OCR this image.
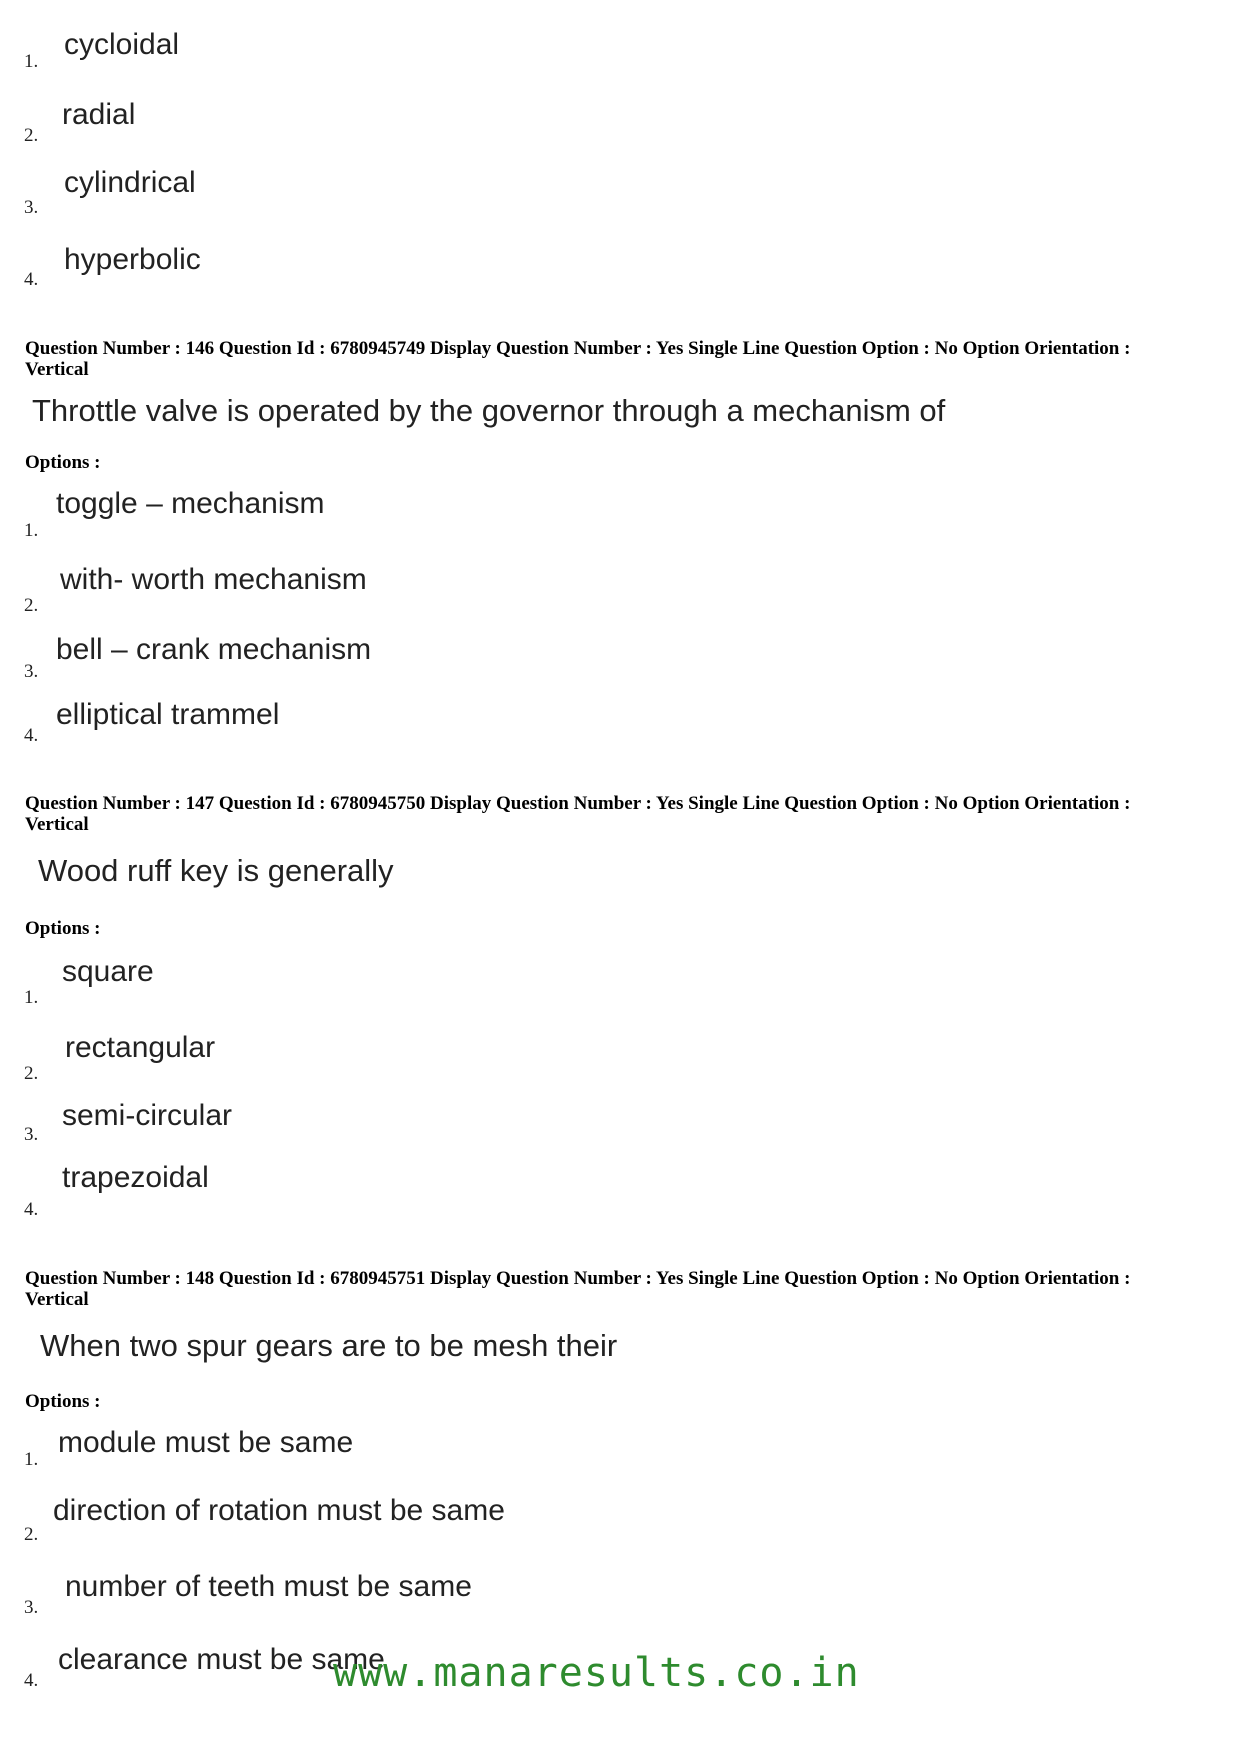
1.
cycloidal
2.
radial
3.
cylindrical
4.
hyperbolic
Question Number : 146 Question Id : 6780945749 Display Question Number : Yes Single Line Question Option : No Option Orientation : Vertical
Throttle valve is operated by the governor through a mechanism of
Options :
1.
toggle – mechanism
2.
with- worth mechanism
3.
bell – crank mechanism
4.
elliptical trammel
Question Number : 147 Question Id : 6780945750 Display Question Number : Yes Single Line Question Option : No Option Orientation : Vertical
Wood ruff key is generally
Options :
1.
square
2.
rectangular
3.
semi-circular
4.
trapezoidal
Question Number : 148 Question Id : 6780945751 Display Question Number : Yes Single Line Question Option : No Option Orientation : Vertical
When two spur gears are to be mesh their
Options :
1.
module must be same
2.
direction of rotation must be same
3.
number of teeth must be same
4.
clearance must be same
www.manaresults.co.in
